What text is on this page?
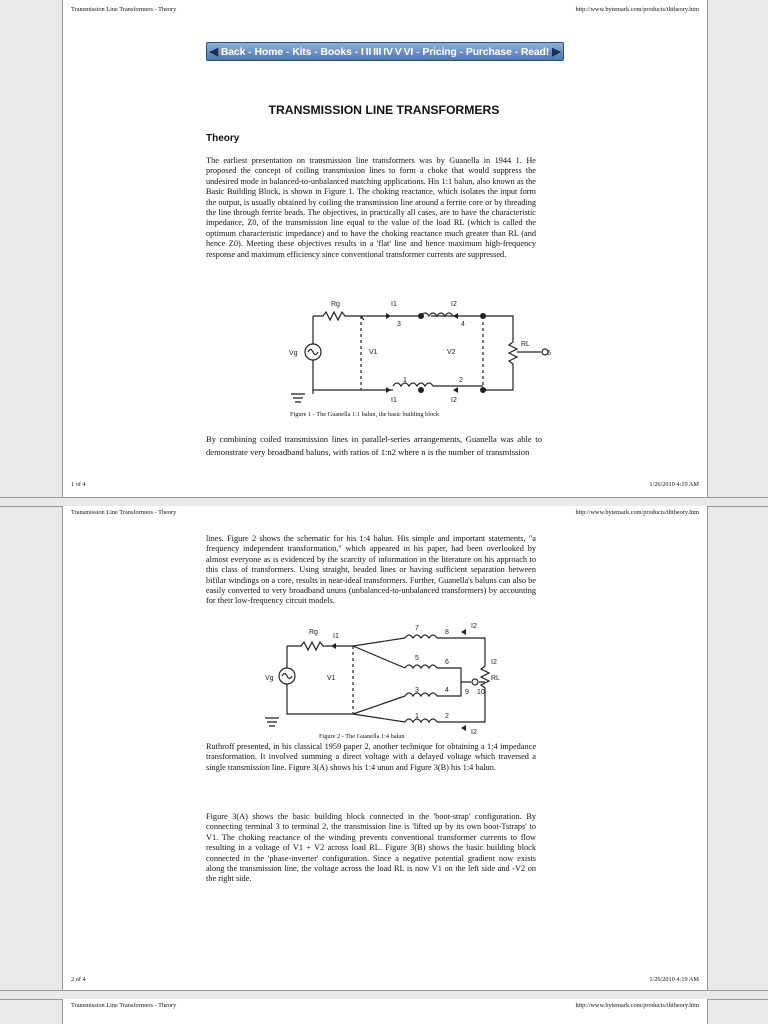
Transmission Line Transformers - Theory	http://www.bytemark.com/products/tlttheory.htm
◀ Back - Home - Kits - Books - I II III IV V VI - Pricing - Purchase - Read! ▶
TRANSMISSION LINE TRANSFORMERS
Theory

The earliest presentation on transmission line transformers was by Guanella in 1944 1. He proposed the concept of coiling transmission lines to form a choke that would suppress the undesired mode in balanced-to-unbalanced matching applications. His 1:1 balun, also known as the Basic Building Block, is shown in Figure 1. The choking reactance, which isolates the input form the output, is usually obtained by coiling the transmission line around a ferrite core or by threading the line through ferrite beads. The objectives, in practically all cases, are to have the characteristic impedance, Z0, of the transmission line equal to the value of the load RL (which is called the optimum characteristic impedance) and to have the choking reactance much greater than RL (and hence Z0). Meeting these objectives results in a 'flat' line and hence maximum high-frequency response and maximum efficiency since conventional transformer currents are suppressed.

Rg	I1	I2
3	4
Vg	V1	V2
RL
5
1	2
I1	I2
Figure 1 - The Guanella 1:1 balun, the basic building block

By combining coiled transmission lines in parallel-series arrangements, Guanella was able to demonstrate very broadband baluns, with ratios of 1:n2 where n is the number of transmission

1 of 4	1/26/2010 4:19 AM
Transmission Line Transformers - Theory	http://www.bytemark.com/products/tlttheory.htm

lines. Figure 2 shows the schematic for his 1:4 balun. His simple and important statements, "a frequency independent transformation," which appeared in his paper, had been overlooked by almost everyone as is evidenced by the scarcity of information in the literature on his approach to this class of transformers. Using straight, beaded lines or having sufficient separation between bifilar windings on a core, results in near-ideal transformers. Further, Guanella's baluns can also be easily converted to very broadband ununs (unbalanced-to-unbalanced transformers) by accounting for their low-frequency circuit models.

Rg
I1
Vg	V1
7
8
5
6
3	4
1	2
9 10
RL
I2
I2
I2
Figure 2 - The Guanella 1:4 balun

Ruthroff presented, in his classical 1959 paper 2, another technique for obtaining a 1:4 impedance transformation. It involved summing a direct voltage with a delayed voltage which traversed a single transmission line. Figure 3(A) shows his 1:4 unun and Figure 3(B) his 1:4 balun.

Figure 3(A) shows the basic building block connected in the 'boot-strap' configuration. By connecting terminal 3 to terminal 2, the transmission line is 'lifted up by its own boot-Tstraps' to V1. The choking reactance of the winding prevents conventional transformer currents to flow resulting in a voltage of V1 + V2 across load RL. Figure 3(B) shows the basic building block connected in the 'phase-inverter' configuration. Since a negative potential gradient now exists along the transmission line, the voltage across the load RL is now V1 on the left side and -V2 on the right side.

2 of 4	1/26/2010 4:19 AM
Transmission Line Transformers - Theory	http://www.bytemark.com/products/tlttheory.htm
